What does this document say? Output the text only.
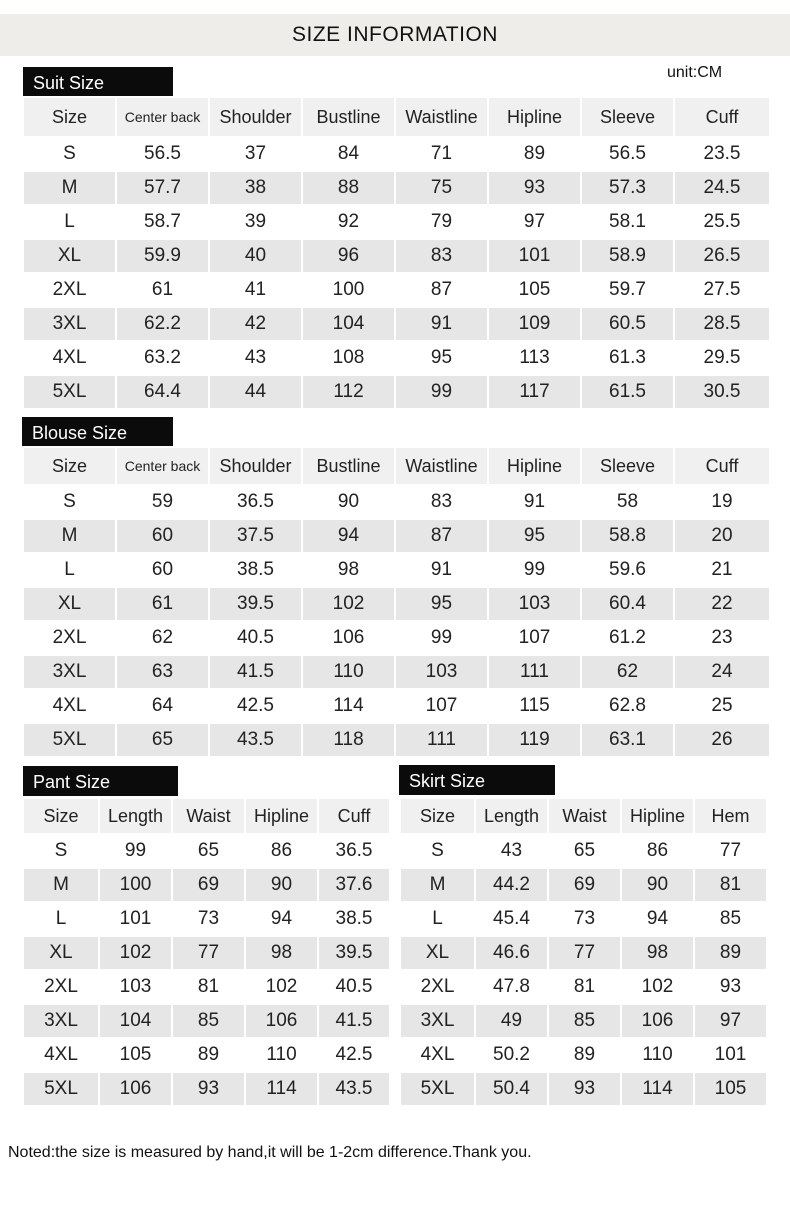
SIZE INFORMATION
unit:CM
Suit Size
Size	Center back	Shoulder	Bustline	Waistline	Hipline	Sleeve	Cuff
S	56.5	37	84	71	89	56.5	23.5
M	57.7	38	88	75	93	57.3	24.5
L	58.7	39	92	79	97	58.1	25.5
XL	59.9	40	96	83	101	58.9	26.5
2XL	61	41	100	87	105	59.7	27.5
3XL	62.2	42	104	91	109	60.5	28.5
4XL	63.2	43	108	95	113	61.3	29.5
5XL	64.4	44	112	99	117	61.5	30.5
Blouse Size
Size	Center back	Shoulder	Bustline	Waistline	Hipline	Sleeve	Cuff
S	59	36.5	90	83	91	58	19
M	60	37.5	94	87	95	58.8	20
L	60	38.5	98	91	99	59.6	21
XL	61	39.5	102	95	103	60.4	22
2XL	62	40.5	106	99	107	61.2	23
3XL	63	41.5	110	103	111	62	24
4XL	64	42.5	114	107	115	62.8	25
5XL	65	43.5	118	111	119	63.1	26
Pant Size
Size	Length	Waist	Hipline	Cuff
S	99	65	86	36.5
M	100	69	90	37.6
L	101	73	94	38.5
XL	102	77	98	39.5
2XL	103	81	102	40.5
3XL	104	85	106	41.5
4XL	105	89	110	42.5
5XL	106	93	114	43.5
Skirt Size
Size	Length	Waist	Hipline	Hem
S	43	65	86	77
M	44.2	69	90	81
L	45.4	73	94	85
XL	46.6	77	98	89
2XL	47.8	81	102	93
3XL	49	85	106	97
4XL	50.2	89	110	101
5XL	50.4	93	114	105
Noted:the size is measured by hand,it will be 1-2cm difference.Thank you.
